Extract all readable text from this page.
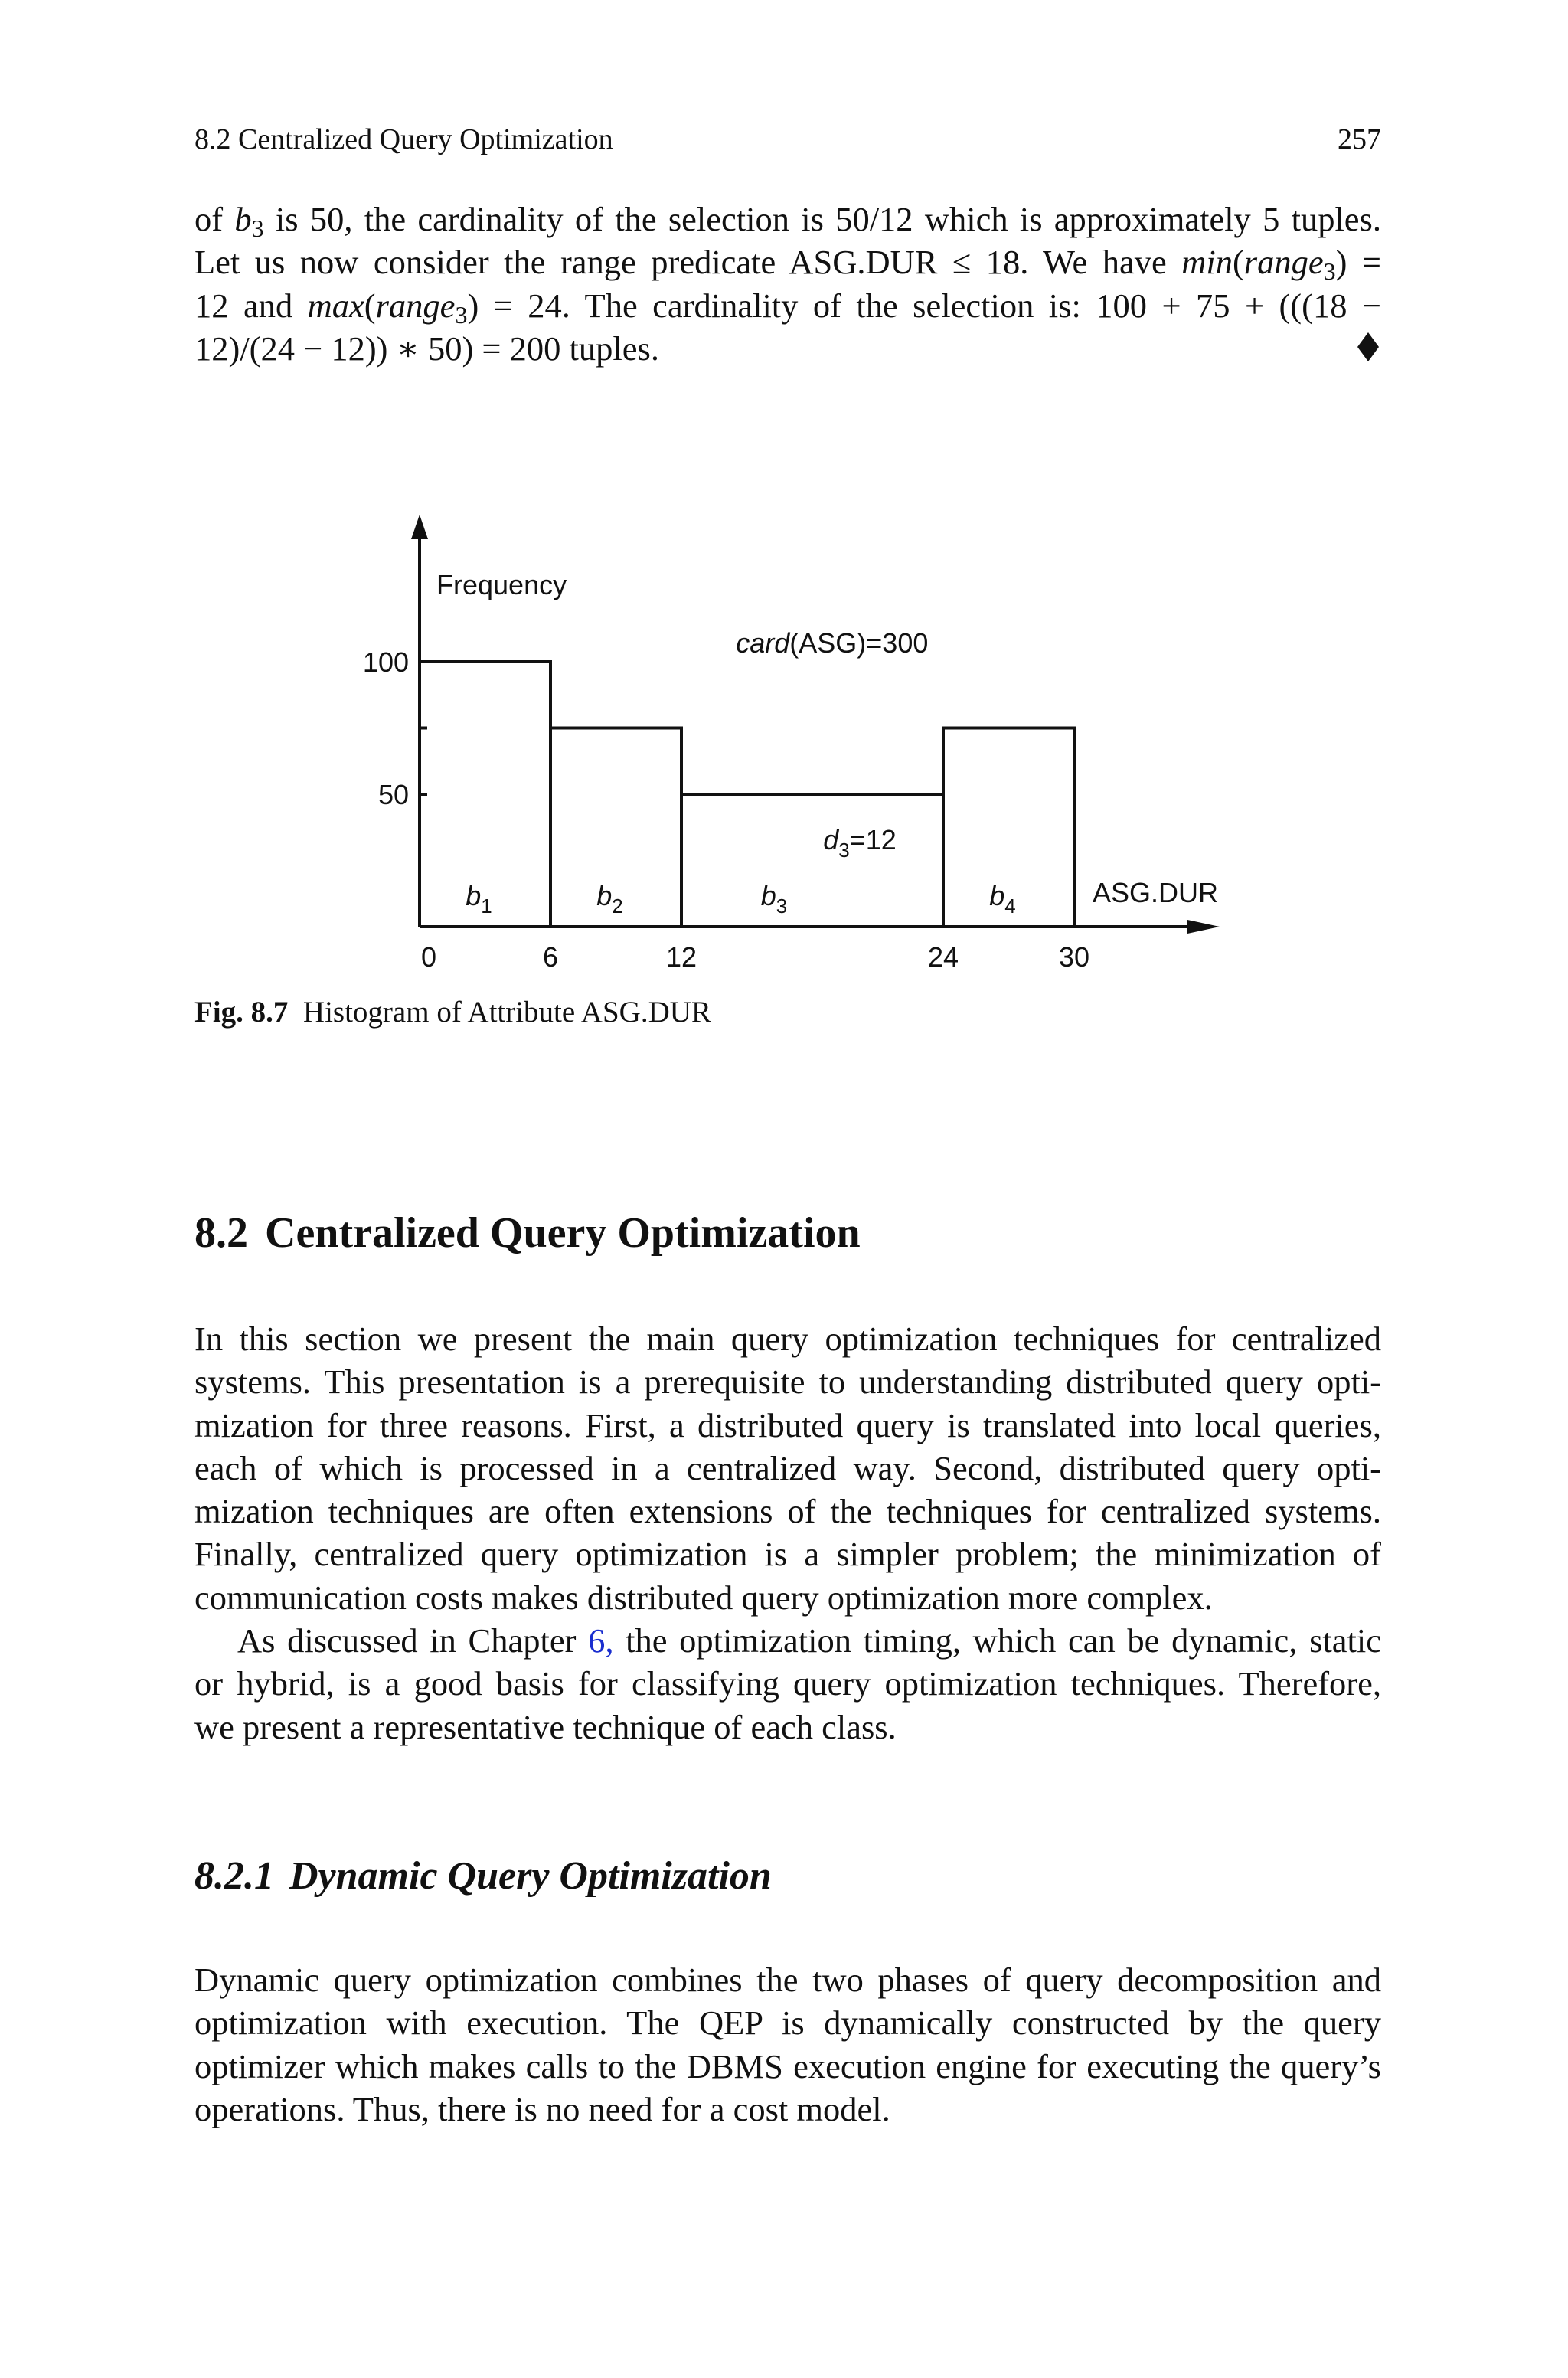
8.2 Centralized Query Optimization	257
of $b_3$ is 50, the cardinality of the selection is 50/12 which is approximately 5 tuples.
Let us now consider the range predicate ASG.DUR ≤ 18. We have min(range$_3$) =
12 and max(range$_3$) = 24. The cardinality of the selection is: 100 + 75 + (((18 −
12)/(24 − 12)) ∗ 50) = 200 tuples.
$b_1$	$b_2$	$b_3$	$b_4$
50
100
0	6	12	24	30
Frequency
ASG.DUR
card(ASG)=300
$d_3=12$
Fig. 8.7 Histogram of Attribute ASG.DUR
8.2 Centralized Query Optimization
In this section we present the main query optimization techniques for centralized
systems. This presentation is a prerequisite to understanding distributed query opti-
mization for three reasons. First, a distributed query is translated into local queries,
each of which is processed in a centralized way. Second, distributed query opti-
mization techniques are often extensions of the techniques for centralized systems.
Finally, centralized query optimization is a simpler problem; the minimization of
communication costs makes distributed query optimization more complex.
As discussed in Chapter 6, the optimization timing, which can be dynamic, static
or hybrid, is a good basis for classifying query optimization techniques. Therefore,
we present a representative technique of each class.
8.2.1 Dynamic Query Optimization
Dynamic query optimization combines the two phases of query decomposition and
optimization with execution. The QEP is dynamically constructed by the query
optimizer which makes calls to the DBMS execution engine for executing the query’s
operations. Thus, there is no need for a cost model.
